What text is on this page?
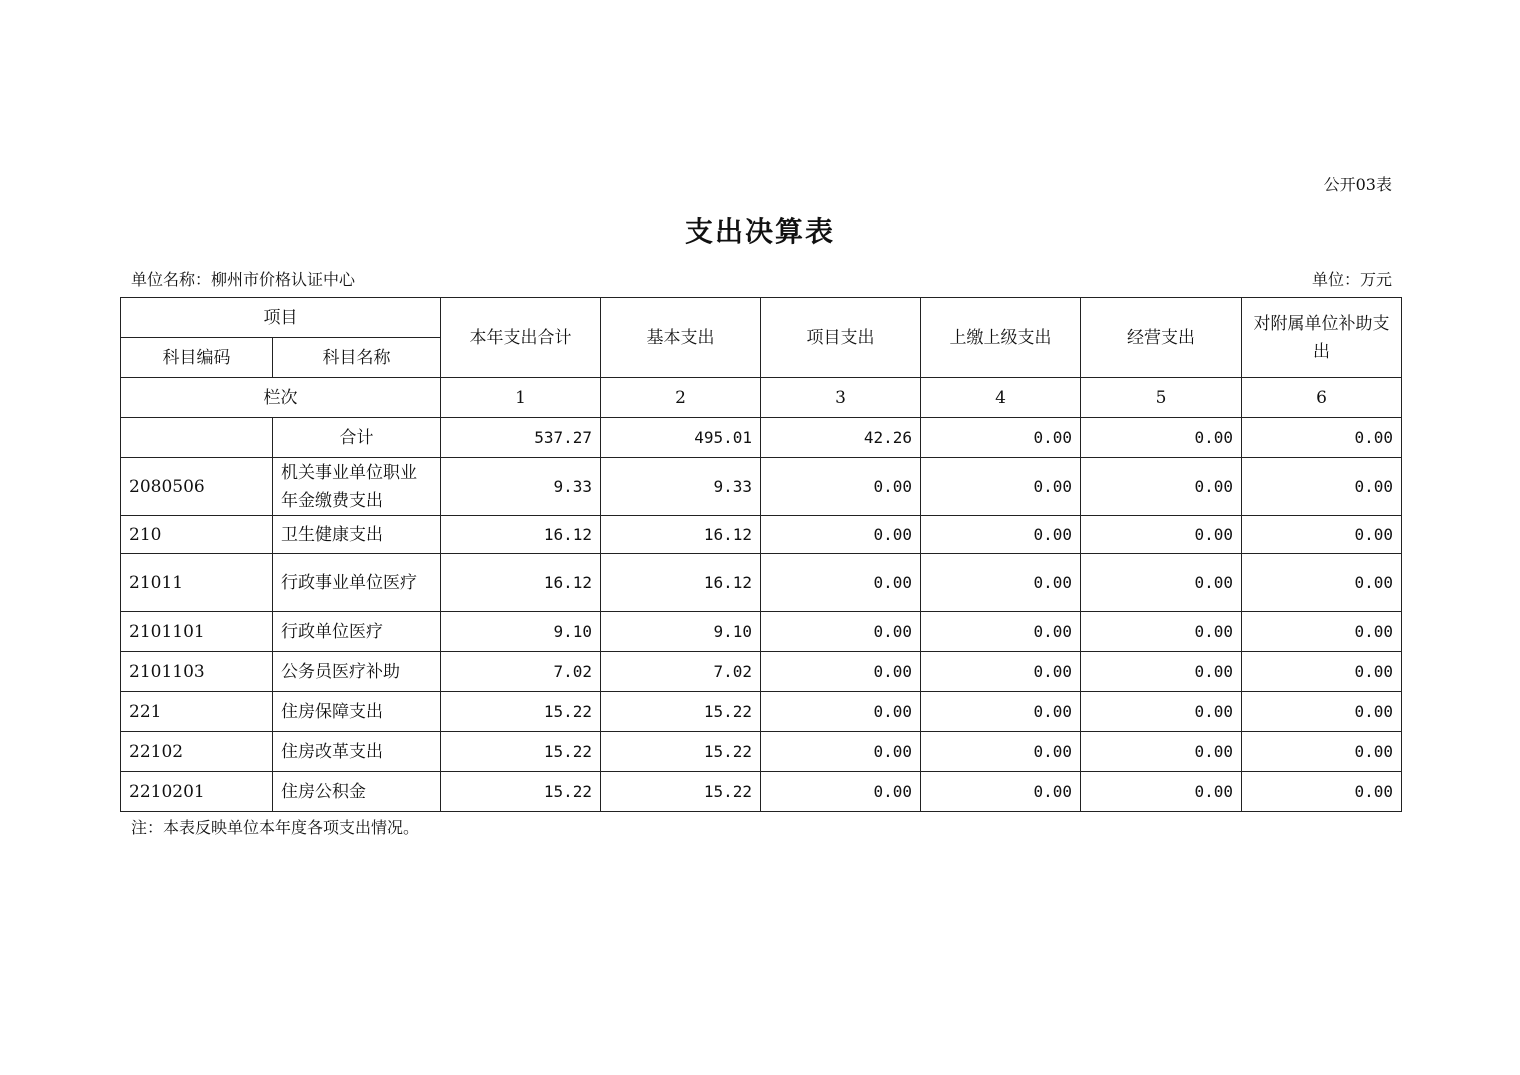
公开03表
支出决算表
单位名称：柳州市价格认证中心	单位：万元
项目		本年支出合计	基本支出	项目支出	上缴上级支出	经营支出	对附属单位补助支出
科目编码	科目名称						
栏次		1	2	3	4	5	6
	合计	537.27	495.01	42.26	0.00	0.00	0.00
2080506	机关事业单位职业年金缴费支出	9.33	9.33	0.00	0.00	0.00	0.00
210	卫生健康支出	16.12	16.12	0.00	0.00	0.00	0.00
21011	行政事业单位医疗	16.12	16.12	0.00	0.00	0.00	0.00
2101101	行政单位医疗	9.10	9.10	0.00	0.00	0.00	0.00
2101103	公务员医疗补助	7.02	7.02	0.00	0.00	0.00	0.00
221	住房保障支出	15.22	15.22	0.00	0.00	0.00	0.00
22102	住房改革支出	15.22	15.22	0.00	0.00	0.00	0.00
2210201	住房公积金	15.22	15.22	0.00	0.00	0.00	0.00
注：本表反映单位本年度各项支出情况。
